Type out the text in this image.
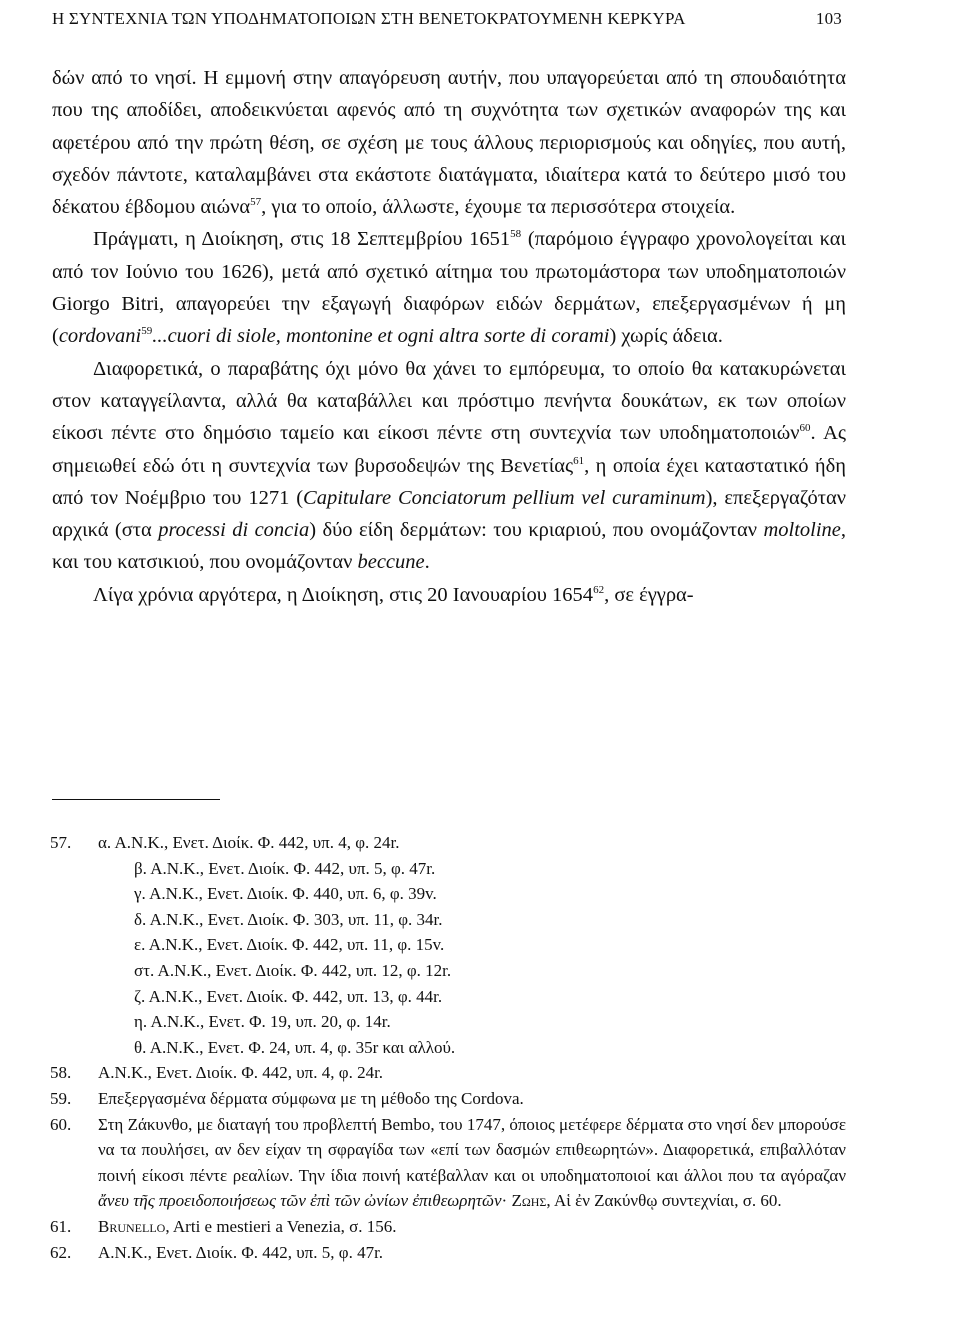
Η ΣΥΝΤΕΧΝΙΑ ΤΩΝ ΥΠΟΔΗΜΑΤΟΠΟΙΩΝ ΣΤΗ ΒΕΝΕΤΟΚΡΑΤΟΥΜΕΝΗ ΚΕΡΚΥΡΑ	103

δών από το νησί. Η εμμονή στην απαγόρευση αυτήν, που υπαγορεύεται από τη σπουδαιότητα που της αποδίδει, αποδεικνύεται αφενός από τη συχνότητα των σχετικών αναφορών της και αφετέρου από την πρώτη θέση, σε σχέση με τους άλλους περιορισμούς και οδηγίες, που αυτή, σχεδόν πάντοτε, καταλαμβάνει στα εκάστοτε διατάγματα, ιδιαίτερα κατά το δεύτερο μισό του δέκατου έβδομου αιώνα$^{57}$, για το οποίο, άλλωστε, έχουμε τα περισσότερα στοιχεία.

Πράγματι, η Διοίκηση, στις 18 Σεπτεμβρίου 1651$^{58}$ (παρόμοιο έγγραφο χρονολογείται και από τον Ιούνιο του 1626), μετά από σχετικό αίτημα του πρωτομάστορα των υποδηματοποιών Giorgo Bitri, απαγορεύει την εξαγωγή διαφόρων ειδών δερμάτων, επεξεργασμένων ή μη (cordovani$^{59}$...cuori di siole, montonine et ogni altra sorte di corami) χωρίς άδεια.

Διαφορετικά, ο παραβάτης όχι μόνο θα χάνει το εμπόρευμα, το οποίο θα κατακυρώνεται στον καταγγείλαντα, αλλά θα καταβάλλει και πρόστιμο πενήντα δουκάτων, εκ των οποίων είκοσι πέντε στο δημόσιο ταμείο και είκοσι πέντε στη συντεχνία των υποδηματοποιών$^{60}$. Ας σημειωθεί εδώ ότι η συντεχνία των βυρσοδεψών της Βενετίας$^{61}$, η οποία έχει καταστατικό ήδη από τον Νοέμβριο του 1271 (Capitulare Conciatorum pellium vel curaminum), επεξεργαζόταν αρχικά (στα processi di concia) δύο είδη δερμάτων: του κριαριού, που ονομάζονταν moltoline, και του κατσικιού, που ονομάζονταν beccune.

Λίγα χρόνια αργότερα, η Διοίκηση, στις 20 Ιανουαρίου 1654$^{62}$, σε έγγρα-

57.	α. Α.Ν.Κ., Ενετ. Διοίκ. Φ. 442, υπ. 4, φ. 24r.
β. Α.Ν.Κ., Ενετ. Διοίκ. Φ. 442, υπ. 5, φ. 47r.
γ. Α.Ν.Κ., Ενετ. Διοίκ. Φ. 440, υπ. 6, φ. 39v.
δ. Α.Ν.Κ., Ενετ. Διοίκ. Φ. 303, υπ. 11, φ. 34r.
ε. Α.Ν.Κ., Ενετ. Διοίκ. Φ. 442, υπ. 11, φ. 15v.
στ. Α.Ν.Κ., Ενετ. Διοίκ. Φ. 442, υπ. 12, φ. 12r.
ζ. Α.Ν.Κ., Ενετ. Διοίκ. Φ. 442, υπ. 13, φ. 44r.
η. Α.Ν.Κ., Ενετ. Φ. 19, υπ. 20, φ. 14r.
θ. Α.Ν.Κ., Ενετ. Φ. 24, υπ. 4, φ. 35r και αλλού.
58.	Α.Ν.Κ., Ενετ. Διοίκ. Φ. 442, υπ. 4, φ. 24r.
59.	Επεξεργασμένα δέρματα σύμφωνα με τη μέθοδο της Cordova.
60.	Στη Ζάκυνθο, με διαταγή του προβλεπτή Bembo, του 1747, όποιος μετέφερε δέρματα στο νησί δεν μπορούσε να τα πουλήσει, αν δεν είχαν τη σφραγίδα των «επί των δασμών επιθεωρητών». Διαφορετικά, επιβαλλόταν ποινή είκοσι πέντε ρεαλίων. Την ίδια ποινή κατέβαλλαν και οι υποδηματοποιοί και άλλοι που τα αγόραζαν ἄνευ τῆς προειδοποιήσεως τῶν ἐπὶ τῶν ὠνίων ἐπιθεωρητῶν· Ζωης, Αἱ ἐν Ζακύνθῳ συντεχνίαι, σ. 60.
61.	Brunello, Arti e mestieri a Venezia, σ. 156.
62.	Α.Ν.Κ., Ενετ. Διοίκ. Φ. 442, υπ. 5, φ. 47r.
